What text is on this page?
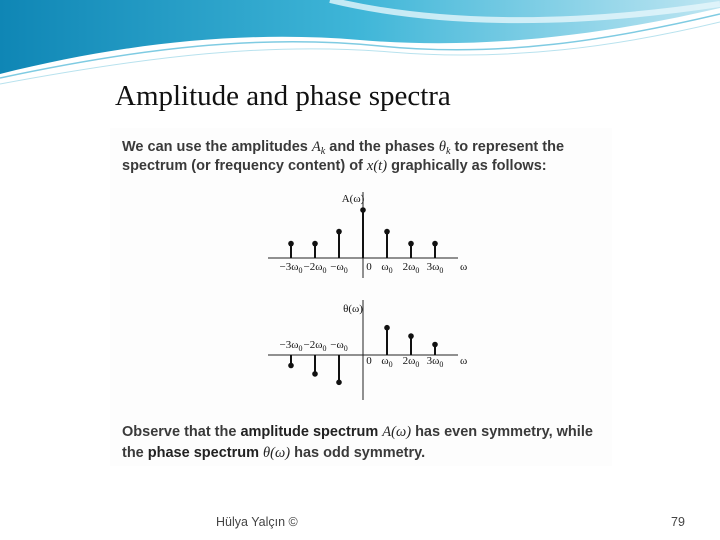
Amplitude and phase spectra
We can use the amplitudes $A_k$ and the phases $\theta_k$ to represent the
spectrum (or frequency content) of x(t) graphically as follows:
A(ω)
ω
$-3\omega_0 -2\omega_0 -\omega_0$ 0 $\omega_0$ $2\omega_0$ $3\omega_0$
θ(ω)
ω
$-3\omega_0 -2\omega_0 -\omega_0$
0 $\omega_0$ $2\omega_0$ $3\omega_0$
Observe that the amplitude spectrum A(ω) has even symmetry, while
the phase spectrum θ(ω) has odd symmetry.
Hülya Yalçın ©	79
